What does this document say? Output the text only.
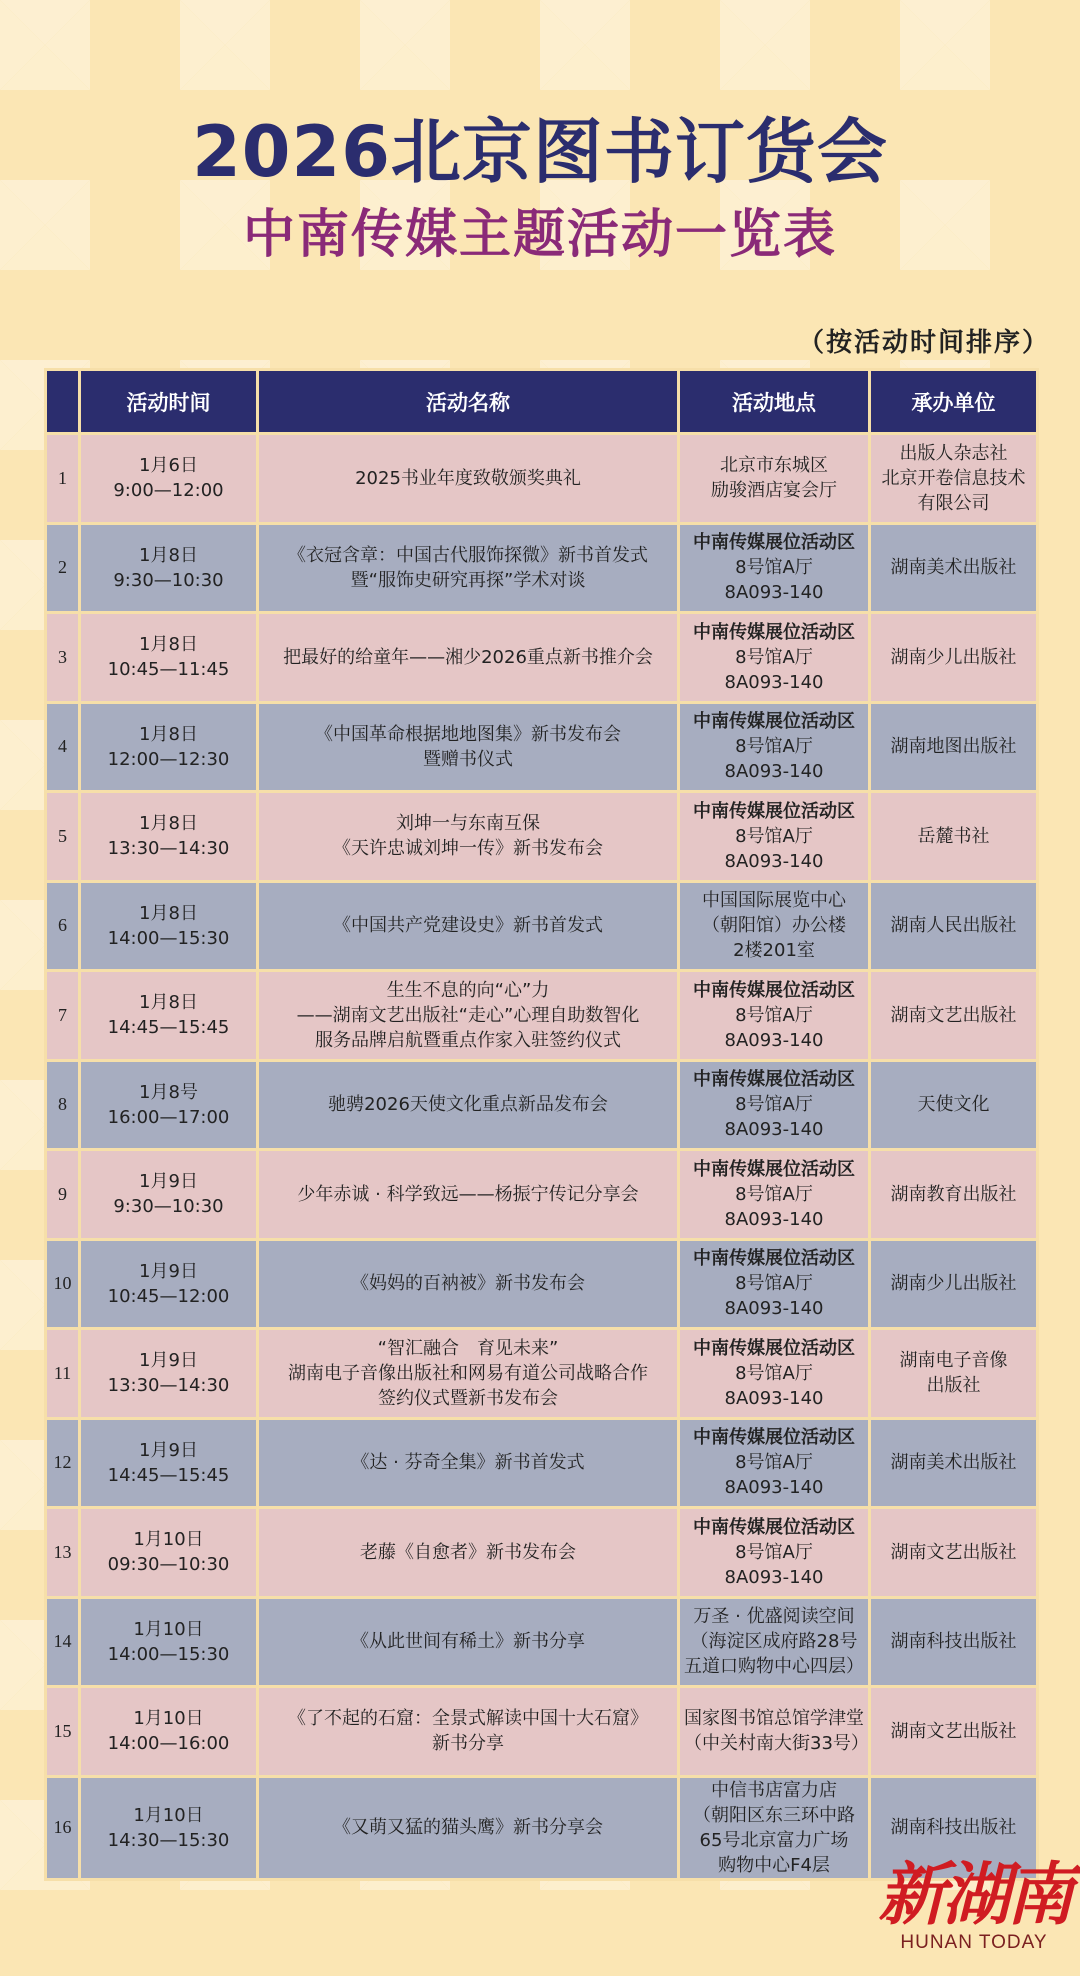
2026北京图书订货会
中南传媒主题活动一览表
（按活动时间排序）
	活动时间	活动名称	活动地点	承办单位
1	1月6日
9:00—12:00	2025书业年度致敬颁奖典礼	北京市东城区
励骏酒店宴会厅	出版人杂志社
北京开卷信息技术
有限公司

2	1月8日
9:30—10:30	《衣冠含章：中国古代服饰探微》新书首发式
暨“服饰史研究再探”学术对谈	中南传媒展位活动区
8号馆A厅
8A093-140	湖南美术出版社

3	1月8日
10:45—11:45	把最好的给童年——湘少2026重点新书推介会	中南传媒展位活动区
8号馆A厅
8A093-140	湖南少儿出版社

4	1月8日
12:00—12:30	《中国革命根据地地图集》新书发布会
暨赠书仪式	中南传媒展位活动区
8号馆A厅
8A093-140	湖南地图出版社

5	1月8日
13:30—14:30	刘坤一与东南互保
《天许忠诚刘坤一传》新书发布会	中南传媒展位活动区
8号馆A厅
8A093-140	岳麓书社

6	1月8日
14:00—15:30	《中国共产党建设史》新书首发式	中国国际展览中心
（朝阳馆）办公楼
2楼201室	湖南人民出版社

7	1月8日
14:45—15:45	生生不息的向“心”力
——湖南文艺出版社“走心”心理自助数智化
服务品牌启航暨重点作家入驻签约仪式	中南传媒展位活动区
8号馆A厅
8A093-140	湖南文艺出版社

8	1月8号
16:00—17:00	驰骋2026天使文化重点新品发布会	中南传媒展位活动区
8号馆A厅
8A093-140	天使文化

9	1月9日
9:30—10:30	少年赤诚 · 科学致远——杨振宁传记分享会	中南传媒展位活动区
8号馆A厅
8A093-140	湖南教育出版社

10	1月9日
10:45—12:00	《妈妈的百衲被》新书发布会	中南传媒展位活动区
8号馆A厅
8A093-140	湖南少儿出版社

11	1月9日
13:30—14:30	“智汇融合　育见未来”
湖南电子音像出版社和网易有道公司战略合作
签约仪式暨新书发布会	中南传媒展位活动区
8号馆A厅
8A093-140	湖南电子音像
出版社

12	1月9日
14:45—15:45	《达 · 芬奇全集》新书首发式	中南传媒展位活动区
8号馆A厅
8A093-140	湖南美术出版社

13	1月10日
09:30—10:30	老藤《自愈者》新书发布会	中南传媒展位活动区
8号馆A厅
8A093-140	湖南文艺出版社

14	1月10日
14:00—15:30	《从此世间有稀土》新书分享	万圣 · 优盛阅读空间
（海淀区成府路28号
五道口购物中心四层）	湖南科技出版社

15	1月10日
14:00—16:00	《了不起的石窟：全景式解读中国十大石窟》
新书分享	国家图书馆总馆学津堂
（中关村南大街33号）	湖南文艺出版社

16	1月10日
14:30—15:30	《又萌又猛的猫头鹰》新书分享会	中信书店富力店
（朝阳区东三环中路
65号北京富力广场
购物中心F4层	湖南科技出版社
新湖南
HUNAN TODAY
